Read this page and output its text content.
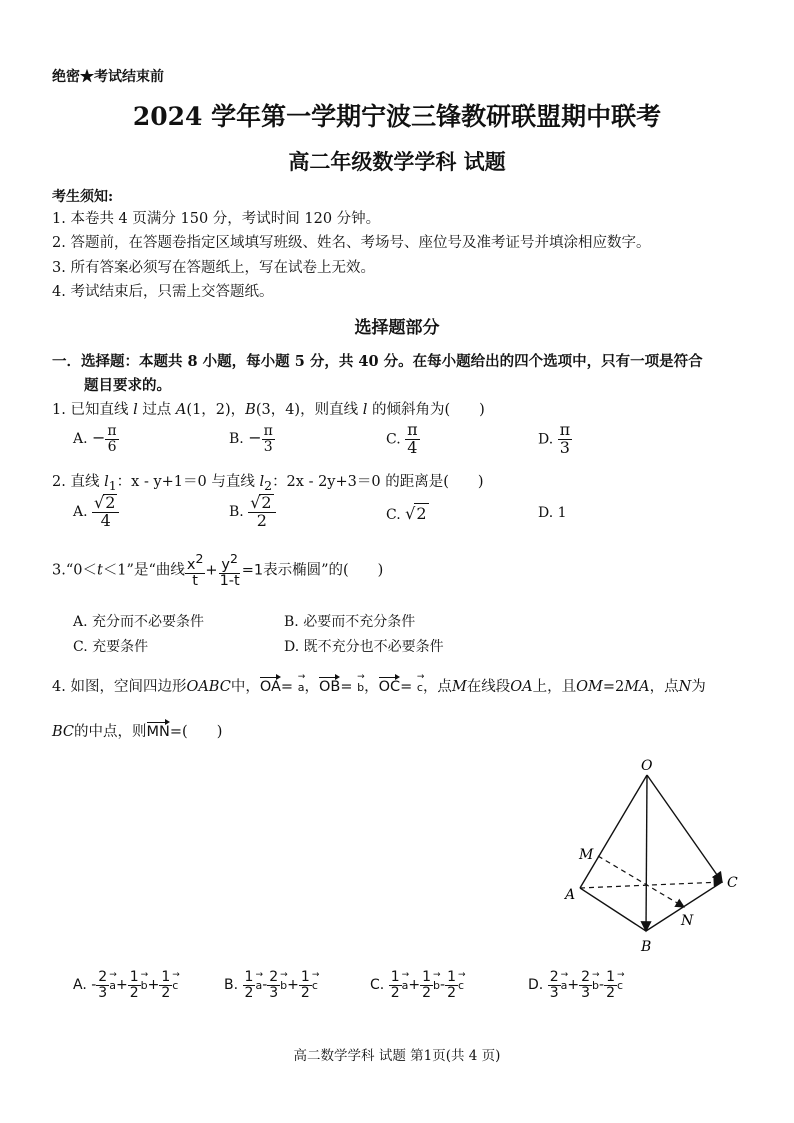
绝密★考试结束前
2024 学年第一学期宁波三锋教研联盟期中联考
高二年级数学学科 试题
考生须知:
1. 本卷共 4 页满分 150 分，考试时间 120 分钟。
2. 答题前，在答题卷指定区域填写班级、姓名、考场号、座位号及准考证号并填涂相应数字。
3. 所有答案必须写在答题纸上，写在试卷上无效。
4. 考试结束后，只需上交答题纸。
选择题部分
一．选择题：本题共 8 小题，每小题 5 分，共 40 分。在每小题给出的四个选项中，只有一项是符合
题目要求的。
1. 已知直线 l 过点 A(1，2)，B(3，4)，则直线 l 的倾斜角为(　　)
A. − $\frac{\pi}{6}$	B. − $\frac{\pi}{3}$	C. $\frac{\pi}{4}$	D. $\frac{\pi}{3}$
2. 直线 $l_1$：x - y+1＝0 与直线 $l_2$：2x - 2y+3＝0 的距离是(　　)
A. $\frac{√2}{4}$	B. $\frac{√2}{2}$	C. √2	D. 1
3.“0＜t＜1”是“曲线 $\frac{x^2}{t} + \frac{y^2}{1-t} =1$表示椭圆”的(　　)
A. 充分而不必要条件	B. 必要而不充分条件
C. 充要条件	D. 既不充分也不必要条件
4. 如图，空间四边形OABC中，OA= a →，OB= b →，OC= c →，点M在线段OA上，且OM=2MA，点N为
BC的中点，则MN=(　　)
O
M
A
B
C
N
A. - $\frac{2}{3}$ $a \to+ \frac{1}{2}$ $b \to+ \frac{1}{2}$ c →	B. $\frac{1}{2}$ $a \to- \frac{2}{3}$ $b \to+ \frac{1}{2}$ c →	C. $\frac{1}{2}$ $a \to+ \frac{1}{2}$ $b \to- \frac{1}{2}$ c →	D. $\frac{2}{3}$ $a \to+ \frac{2}{3}$ $b \to- \frac{1}{2}$ c →
高二数学学科 试题 第1页(共 4 页)
